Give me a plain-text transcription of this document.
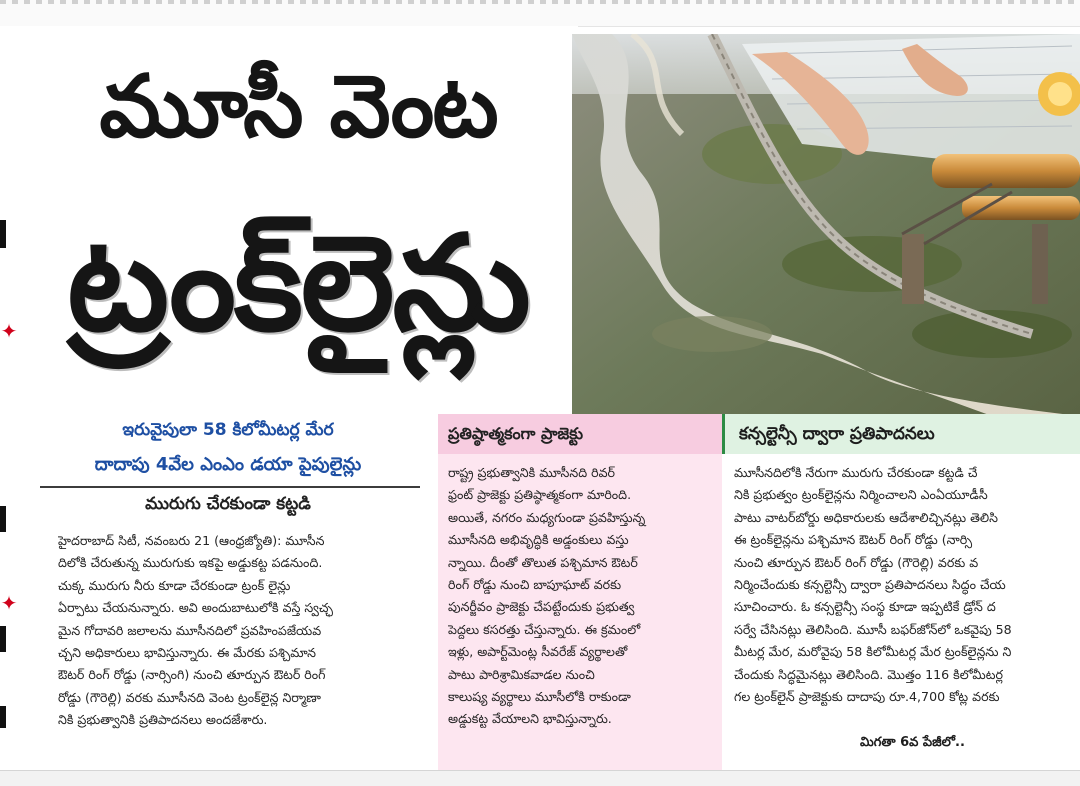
✦
✦
మూసీ వెంట
ట్రంక్‌లైన్లు
ఇరువైపులా 58 కిలోమీటర్ల మేర
దాదాపు 4వేల ఎంఎం డయా పైపులైన్లు
మురుగు చేరకుండా కట్టడి
హైదరాబాద్ సిటీ, నవంబరు 21 (ఆంధ్రజ్యోతి): మూసీన
దిలోకి చేరుతున్న మురుగుకు ఇకపై అడ్డుకట్ట పడనుంది.
చుక్క మురుగు నీరు కూడా చేరకుండా ట్రంక్ లైన్లు
ఏర్పాటు చేయనున్నారు. అవి అందుబాటులోకి వస్తే స్వచ్ఛ
మైన గోదావరి జలాలను మూసీనదిలో ప్రవహింపజేయవ
చ్చని అధికారులు భావిస్తున్నారు. ఈ మేరకు పశ్చిమాన
ఔటర్ రింగ్ రోడ్డు (నార్సింగి) నుంచి తూర్పున ఔటర్ రింగ్
రోడ్డు (గౌరెల్లి) వరకు మూసీనది వెంట ట్రంక్‌లైన్ల నిర్మాణా
నికి ప్రభుత్వానికి ప్రతిపాదనలు అందజేశారు.
ప్రతిష్ఠాత్మకంగా ప్రాజెక్టు
రాష్ట్ర ప్రభుత్వానికి మూసీనది రివర్
ఫ్రంట్ ప్రాజెక్టు ప్రతిష్ఠాత్మకంగా మారింది.
అయితే, నగరం మధ్యగుండా ప్రవహిస్తున్న
మూసీనది అభివృద్ధికి అడ్డంకులు వస్తు
న్నాయి. దీంతో తొలుత పశ్చిమాన ఔటర్
రింగ్ రోడ్డు నుంచి బాపూఘాట్ వరకు
పునర్జీవం ప్రాజెక్టు చేపట్టేందుకు ప్రభుత్వ
పెద్దలు కసరత్తు చేస్తున్నారు. ఈ క్రమంలో
ఇళ్లు, అపార్ట్‌మెంట్ల సీవరేజ్ వ్యర్థాలతో
పాటు పారిశ్రామికవాడల నుంచి
కాలుష్య వ్యర్థాలు మూసీలోకి రాకుండా
అడ్డుకట్ట వేయాలని భావిస్తున్నారు.
కన్సల్టెన్సీ ద్వారా ప్రతిపాదనలు
మూసీనదిలోకి నేరుగా మురుగు చేరకుండా కట్టడి చే
నికి ప్రభుత్వం ట్రంక్‌లైన్లను నిర్మించాలని ఎంఏయూడీసీ
పాటు వాటర్‌బోర్డు అధికారులకు ఆదేశాలిచ్చినట్లు తెలిసి
ఈ ట్రంక్‌లైన్లను పశ్చిమాన ఔటర్ రింగ్ రోడ్డు (నార్సి
నుంచి తూర్పున ఔటర్ రింగ్ రోడ్డు (గౌరెల్లి) వరకు వ
నిర్మించేందుకు కన్సల్టెన్సీ ద్వారా ప్రతిపాదనలు సిద్ధం చేయ
సూచించారు. ఓ కన్సల్టెన్సీ సంస్థ కూడా ఇప్పటికే డ్రోన్ ద
సర్వే చేసినట్లు తెలిసింది. మూసీ బఫర్‌జోన్‌లో ఒకవైపు 58
మీటర్ల మేర, మరోవైపు 58 కిలోమీటర్ల మేర ట్రంక్‌లైన్లను ని
చేందుకు సిద్ధమైనట్లు తెలిసింది. మొత్తం 116 కిలోమీటర్ల
గల ట్రంక్‌లైన్ ప్రాజెక్టుకు దాదాపు రూ.4,700 కోట్ల వరకు
మిగతా 6వ పేజీలో..
